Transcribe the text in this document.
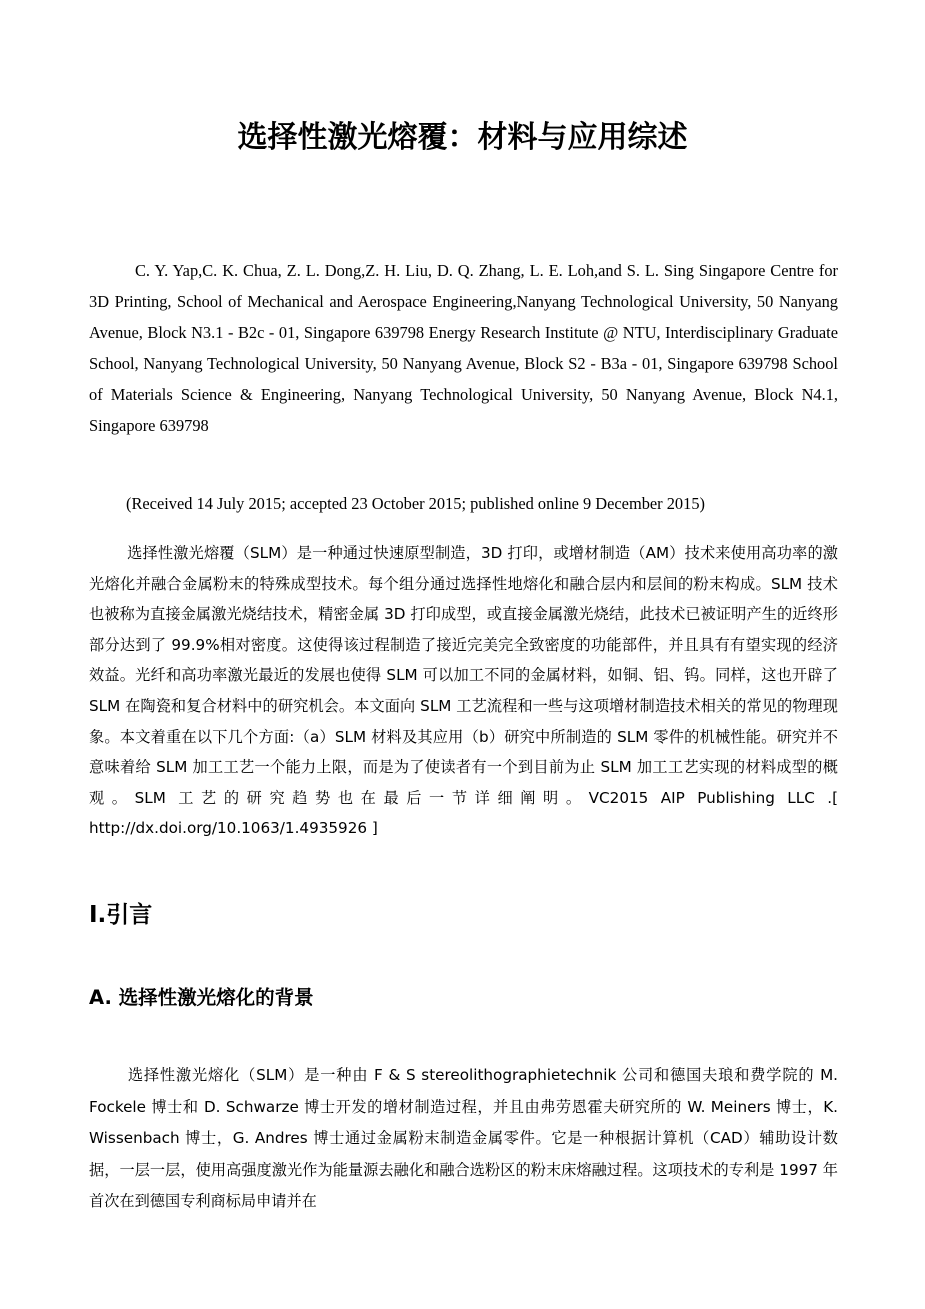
选择性激光熔覆：材料与应用综述

C. Y. Yap,C. K. Chua, Z. L. Dong,Z. H. Liu, D. Q. Zhang, L. E. Loh,and S. L. Sing Singapore Centre for 3D Printing, School of Mechanical and Aerospace Engineering,Nanyang Technological University, 50 Nanyang Avenue, Block N3.1 - B2c - 01, Singapore 639798 Energy Research Institute @ NTU, Interdisciplinary Graduate School, Nanyang Technological University, 50 Nanyang Avenue, Block S2 - B3a - 01, Singapore 639798 School of Materials Science & Engineering, Nanyang Technological University, 50 Nanyang Avenue, Block N4.1, Singapore 639798

(Received 14 July 2015; accepted 23 October 2015; published online 9 December 2015)

选择性激光熔覆（SLM）是一种通过快速原型制造，3D 打印，或增材制造（AM）技术来使用高功率的激光熔化并融合金属粉末的特殊成型技术。每个组分通过选择性地熔化和融合层内和层间的粉末构成。SLM 技术也被称为直接金属激光烧结技术，精密金属 3D 打印成型，或直接金属激光烧结，此技术已被证明产生的近终形部分达到了 99.9%相对密度。这使得该过程制造了接近完美完全致密度的功能部件，并且具有有望实现的经济效益。光纤和高功率激光最近的发展也使得 SLM 可以加工不同的金属材料，如铜、铝、钨。同样，这也开辟了 SLM 在陶瓷和复合材料中的研究机会。本文面向 SLM 工艺流程和一些与这项增材制造技术相关的常见的物理现象。本文着重在以下几个方面:（a）SLM 材料及其应用（b）研究中所制造的 SLM 零件的机械性能。研究并不意味着给 SLM 加工工艺一个能力上限，而是为了使读者有一个到目前为止 SLM 加工工艺实现的材料成型的概观。SLM 工艺的研究趋势也在最后一节详细阐明。VC2015 AIP Publishing LLC .[ http://dx.doi.org/10.1063/1.4935926 ]

I.引言
A. 选择性激光熔化的背景

选择性激光熔化（SLM）是一种由 F & S stereolithographietechnik 公司和德国夫琅和费学院的 M. Fockele 博士和 D. Schwarze 博士开发的增材制造过程，并且由弗劳恩霍夫研究所的 W. Meiners 博士，K. Wissenbach 博士，G. Andres 博士通过金属粉末制造金属零件。它是一种根据计算机（CAD）辅助设计数据，一层一层，使用高强度激光作为能量源去融化和融合选粉区的粉末床熔融过程。这项技术的专利是 1997 年首次在到德国专利商标局申请并在
